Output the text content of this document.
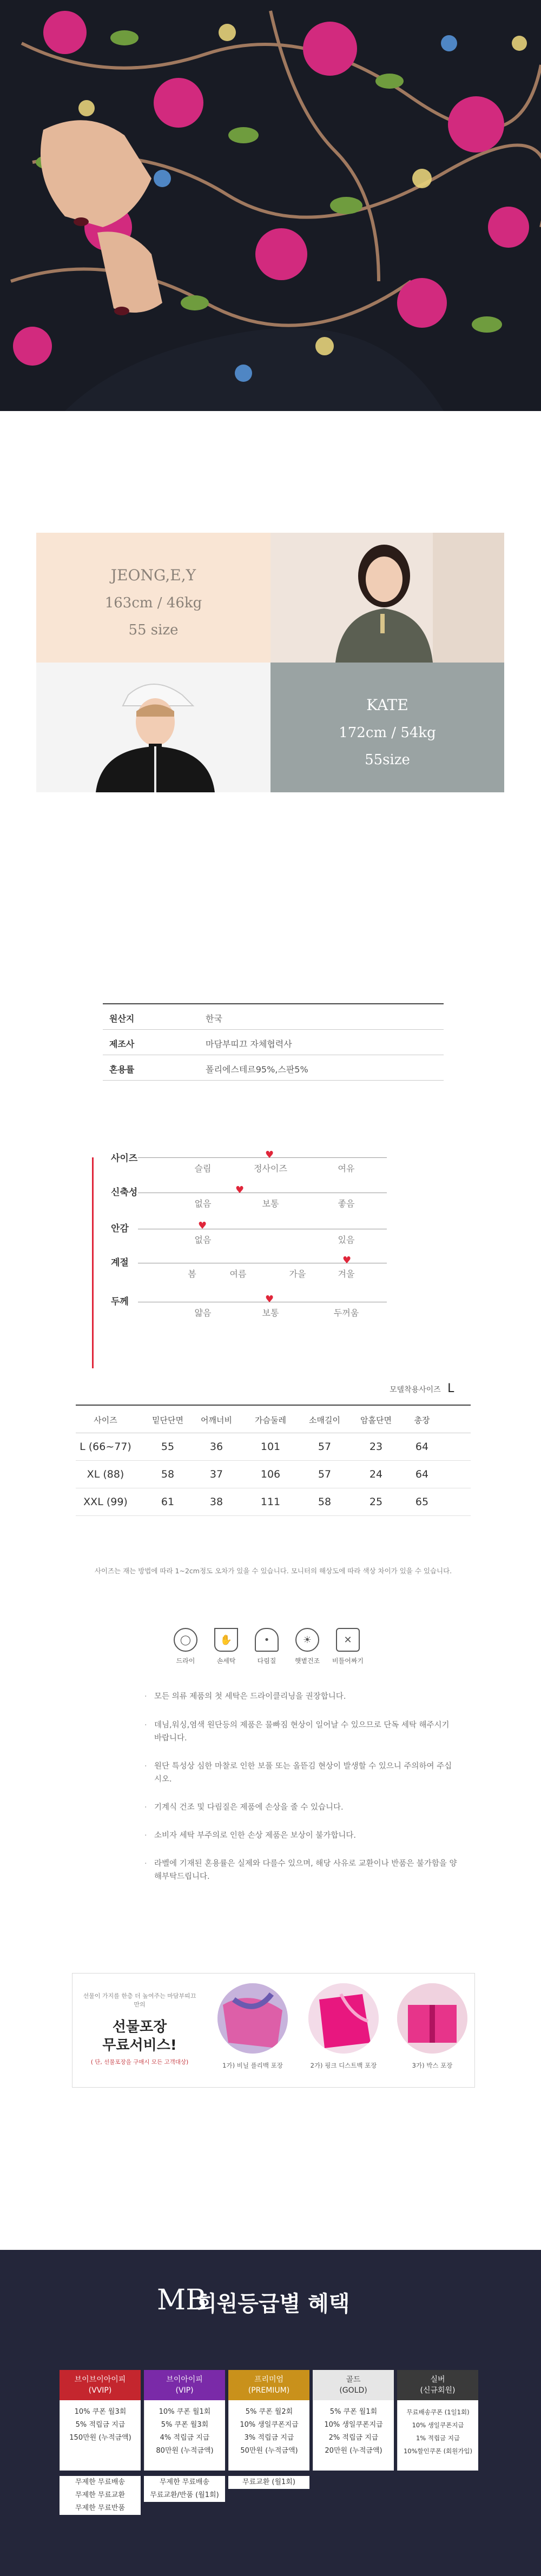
JEONG,E,Y
163cm / 46kg
55 size
KATE
172cm / 54kg
55size
원산지	한국
제조사	마담부띠끄 자체협력사
혼용률	폴리에스테르95%,스판5%
사이즈	♥
슬림	정사이즈	여유
신축성	♥
없음	보통	좋음
안감	♥
없음	있음
계절	♥
봄	여름	가을	겨울
두께	♥
얇음	보통	두꺼움
모델착용사이즈 L
사이즈	밑단단면	어깨너비	가슴둘레	소매길이	암홀단면	총장
L (66~77)	55	36	101	57	23	64
XL (88)	58	37	106	57	24	64
XXL (99)	61	38	111	58	25	65
사이즈는 재는 방법에 따라 1~2cm정도 오차가 있을 수 있습니다. 모니터의 해상도에 따라 색상 차이가 있을 수 있습니다.
◯
드라이
✋
손세탁
•
다림질
☀
햇볕건조
✕
비틀어짜기
· 모든 의류 제품의 첫 세탁은 드라이클리닝을 권장합니다.
· 데님,워싱,염색 원단등의 제품은 물빠짐 현상이 일어날 수 있으므로 단독 세탁 해주시기 바랍니다.
· 원단 특성상 심한 마찰로 인한 보풀 또는 올뜯김 현상이 발생할 수 있으니 주의하여 주십시오.
· 기계식 건조 및 다림질은 제품에 손상을 줄 수 있습니다.
· 소비자 세탁 부주의로 인한 손상 제품은 보상이 불가합니다.
· 라벨에 기재된 혼용률은 실제와 다를수 있으며, 해당 사유로 교환이나 반품은 불가함을 양해부탁드립니다.
선물이 가지를 한층 더 높여주는 마담부띠끄 만의
선물포장
무료서비스!
( 단, 선물포장을 구매시 모든 고객대상)	1가) 비닐 플리백 포장	2가) 핑크 디스트백 포장	3가) 박스 포장
MB
회원등급별 혜택
브이브이아이피
(VVIP)
10% 쿠폰 월3회
5% 적립금 지급
150만원 (누적금액)
무제한 무료배송
무제한 무료교환
무제한 무료반품
브이아이피
(VIP)
10% 쿠폰 월1회
5% 쿠폰 월3회
4% 적립금 지급
80만원 (누적금액)
무제한 무료배송
무료교환/반품 (월1회)
프리미엄
(PREMIUM)
5% 쿠폰 월2회
10% 생일쿠폰지급
3% 적립금 지급
50만원 (누적금액)
무료교환 (월1회)
골드
(GOLD)
5% 쿠폰 월1회
10% 생일쿠폰지급
2% 적립금 지급
20만원 (누적금액)
실버
(신규회원)
무료배송쿠폰 (1일1회)
10% 생일쿠폰지급
1% 적립금 지급
10%할인쿠폰 (회원가입)
